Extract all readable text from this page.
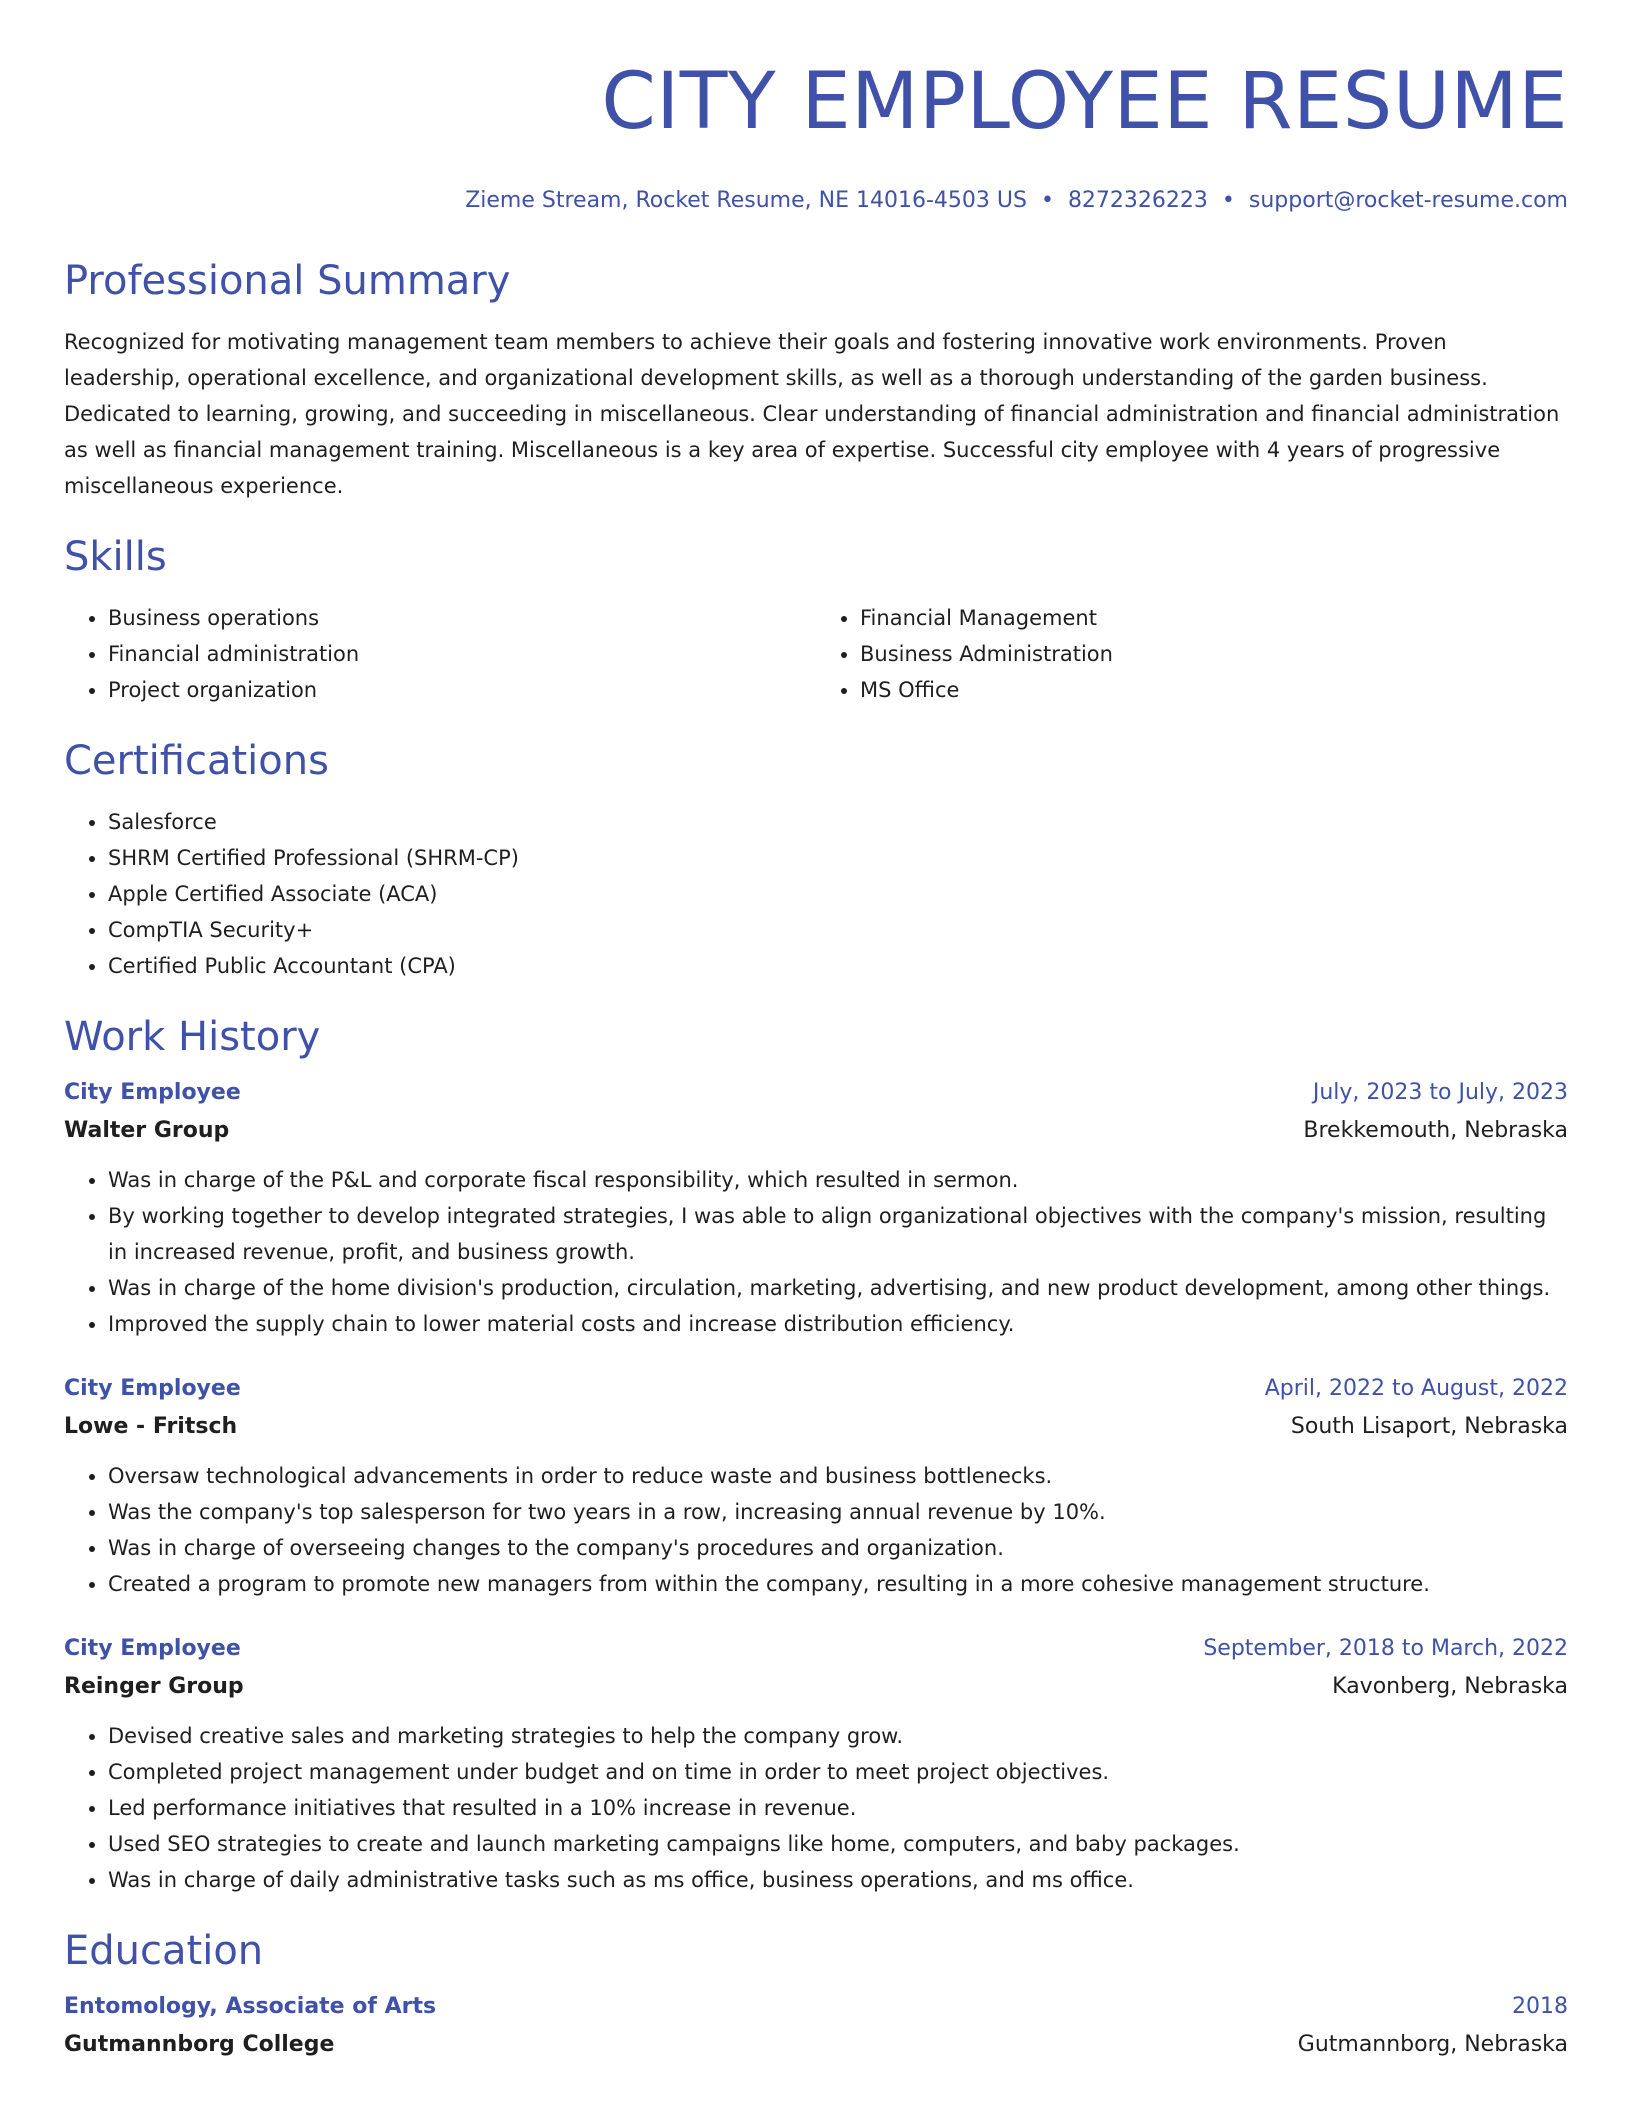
CITY EMPLOYEE RESUME
Zieme Stream, Rocket Resume, NE 14016-4503 US • 8272326223 • support@rocket-resume.com
Professional Summary

Recognized for motivating management team members to achieve their goals and fostering innovative work environments. Proven leadership, operational excellence, and organizational development skills, as well as a thorough understanding of the garden business. Dedicated to learning, growing, and succeeding in miscellaneous. Clear understanding of financial administration and financial administration as well as financial management training. Miscellaneous is a key area of expertise. Successful city employee with 4 years of progressive miscellaneous experience.

Skills
• Business operations
• Financial administration
• Project organization
• Financial Management
• Business Administration
• MS Office
Certifications
• Salesforce
• SHRM Certified Professional (SHRM-CP)
• Apple Certified Associate (ACA)
• CompTIA Security+
• Certified Public Accountant (CPA)
Work History
City Employee	July, 2023 to July, 2023
Walter Group	Brekkemouth, Nebraska
• Was in charge of the P&L and corporate fiscal responsibility, which resulted in sermon.
• By working together to develop integrated strategies, I was able to align organizational objectives with the company's mission, resulting in increased revenue, profit, and business growth.
• Was in charge of the home division's production, circulation, marketing, advertising, and new product development, among other things.
• Improved the supply chain to lower material costs and increase distribution efficiency.
City Employee	April, 2022 to August, 2022
Lowe - Fritsch	South Lisaport, Nebraska
• Oversaw technological advancements in order to reduce waste and business bottlenecks.
• Was the company's top salesperson for two years in a row, increasing annual revenue by 10%.
• Was in charge of overseeing changes to the company's procedures and organization.
• Created a program to promote new managers from within the company, resulting in a more cohesive management structure.
City Employee	September, 2018 to March, 2022
Reinger Group	Kavonberg, Nebraska
• Devised creative sales and marketing strategies to help the company grow.
• Completed project management under budget and on time in order to meet project objectives.
• Led performance initiatives that resulted in a 10% increase in revenue.
• Used SEO strategies to create and launch marketing campaigns like home, computers, and baby packages.
• Was in charge of daily administrative tasks such as ms office, business operations, and ms office.
Education
Entomology, Associate of Arts	2018
Gutmannborg College	Gutmannborg, Nebraska
